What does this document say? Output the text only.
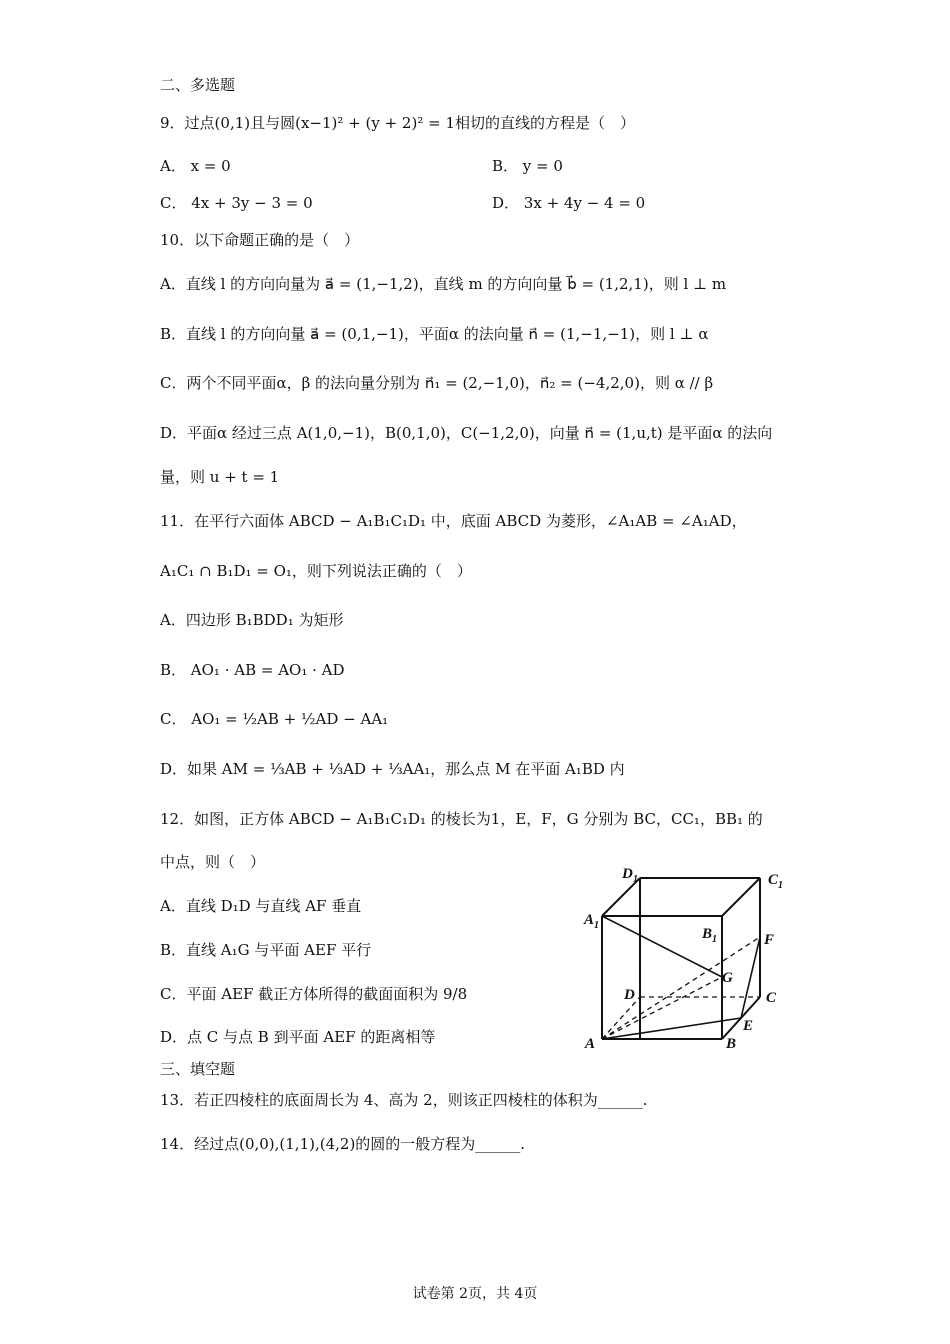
二、多选题
9．过点(0,1)且与圆(x−1)² + (y + 2)² = 1相切的直线的方程是（　）
A． x = 0	B． y = 0
C． 4x + 3y − 3 = 0	D． 3x + 4y − 4 = 0
10．以下命题正确的是（　）
A．直线 l 的方向向量为 a⃗ = (1,−1,2)，直线 m 的方向向量 b⃗ = (1,2,1)，则 l ⊥ m
B．直线 l 的方向向量 a⃗ = (0,1,−1)，平面α 的法向量 n⃗ = (1,−1,−1)，则 l ⊥ α
C．两个不同平面α，β 的法向量分别为 n⃗₁ = (2,−1,0)，n⃗₂ = (−4,2,0)，则 α // β
D．平面α 经过三点 A(1,0,−1)，B(0,1,0)，C(−1,2,0)，向量 n⃗ = (1,u,t) 是平面α 的法向
量，则 u + t = 1
11．在平行六面体 ABCD − A₁B₁C₁D₁ 中，底面 ABCD 为菱形，∠A₁AB = ∠A₁AD，
A₁C₁ ∩ B₁D₁ = O₁，则下列说法正确的（　）
A．四边形 B₁BDD₁ 为矩形
B． AO₁ · AB = AO₁ · AD
C． AO₁ = ½AB + ½AD − AA₁
D．如果 AM = ⅓AB + ⅓AD + ⅓AA₁，那么点 M 在平面 A₁BD 内
12．如图，正方体 ABCD − A₁B₁C₁D₁ 的棱长为1，E，F，G 分别为 BC，CC₁，BB₁ 的
中点，则（　）
A．直线 D₁D 与直线 AF 垂直
B．直线 A₁G 与平面 AEF 平行
C．平面 AEF 截正方体所得的截面面积为 9/8
D．点 C 与点 B 到平面 AEF 的距离相等
D 1	C 1
A 1
B 1	F
G
D	C
E
A	B
三、填空题
13．若正四棱柱的底面周长为 4、高为 2，则该正四棱柱的体积为______.
14．经过点(0,0),(1,1),(4,2)的圆的一般方程为______.
试卷第 2页，共 4页
